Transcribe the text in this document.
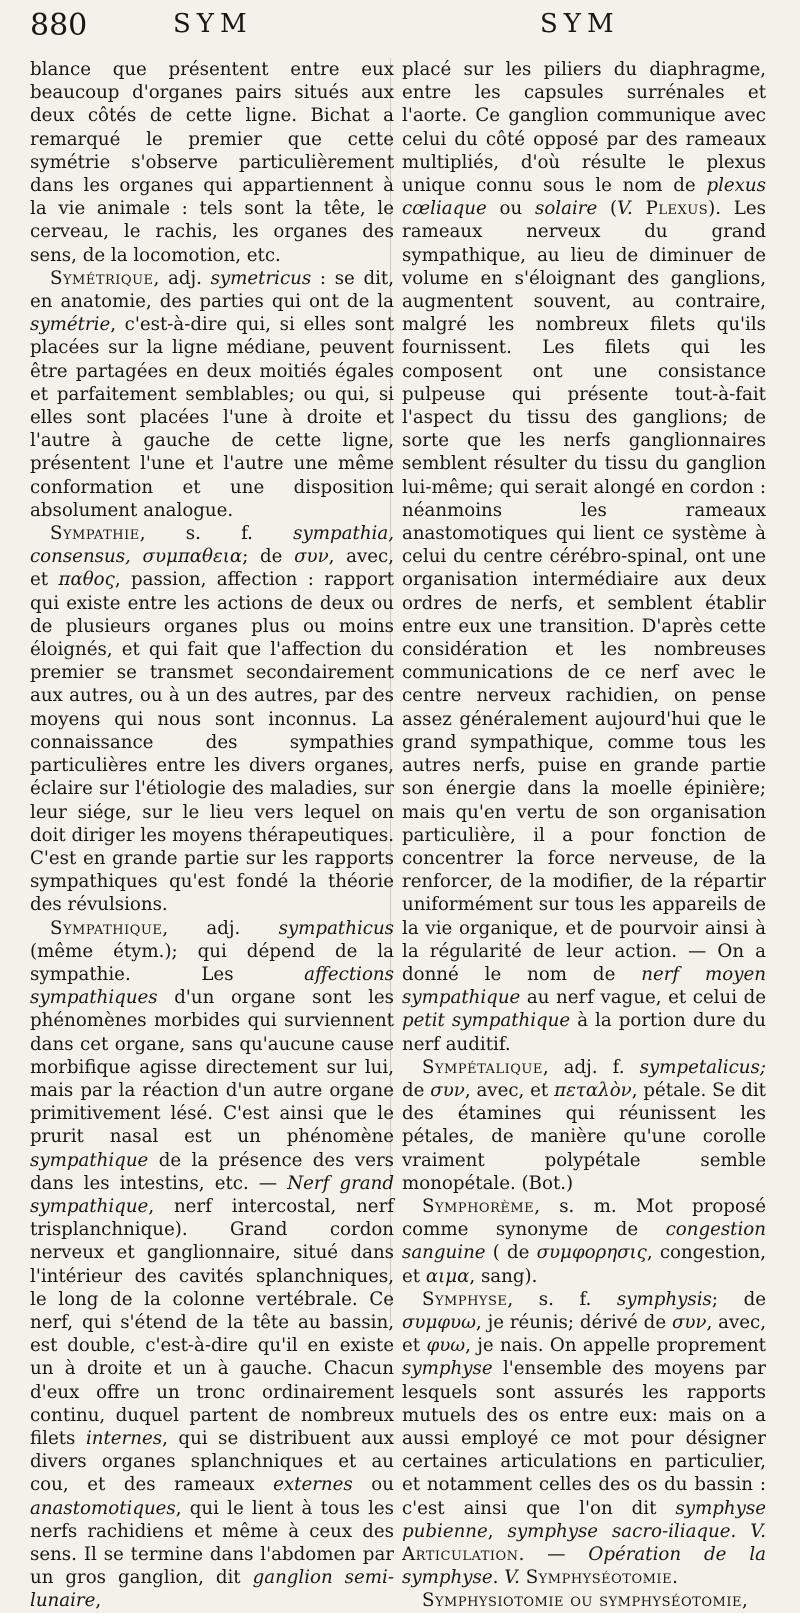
880	SYM	SYM

blance que présentent entre eux beaucoup d'organes pairs situés aux deux côtés de cette ligne. Bichat a remarqué le premier que cette symétrie s'observe particulièrement dans les organes qui appartiennent à la vie animale : tels sont la tête, le cerveau, le rachis, les organes des sens, de la locomotion, etc.

Symétrique, adj. symetricus : se dit, en anatomie, des parties qui ont de la symétrie, c'est-à-dire qui, si elles sont placées sur la ligne médiane, peuvent être partagées en deux moitiés égales et parfaitement semblables; ou qui, si elles sont placées l'une à droite et l'autre à gauche de cette ligne, présentent l'une et l'autre une même conformation et une disposition absolument analogue.

Sympathie, s. f. sympathia, consensus, συμπαθεια; de συν, avec, et παθος, passion, affection : rapport qui existe entre les actions de deux ou de plusieurs organes plus ou moins éloignés, et qui fait que l'affection du premier se transmet secondairement aux autres, ou à un des autres, par des moyens qui nous sont inconnus. La connaissance des sympathies particulières entre les divers organes, éclaire sur l'étiologie des maladies, sur leur siége, sur le lieu vers lequel on doit diriger les moyens thérapeutiques. C'est en grande partie sur les rapports sympathiques qu'est fondé la théorie des révulsions.

Sympathique, adj. sympathicus (même étym.); qui dépend de la sympathie. Les	affections sympathiques d'un organe sont les phénomènes morbides qui surviennent dans cet organe, sans qu'aucune cause morbifique agisse directement sur lui, mais par la réaction d'un autre organe primitivement lésé. C'est ainsi que le prurit nasal est un phénomène sympathique de la présence des vers dans les intestins, etc. — Nerf grand sympathique, nerf intercostal, nerf trisplanchnique). Grand cordon nerveux et ganglionnaire, situé dans l'intérieur des cavités splanchniques, le long de la colonne vertébrale. Ce nerf, qui s'étend de la tête au bassin, est double, c'est-à-dire qu'il en existe un à droite et un à gauche. Chacun d'eux offre un tronc ordinairement continu, duquel partent de nombreux filets internes, qui se distribuent aux divers organes splanchniques et au cou, et des rameaux externes ou anastomotiques, qui le lient à tous les nerfs rachidiens et même à ceux des sens. Il se termine dans l'abdomen par un gros ganglion, dit ganglion semi-lunaire,

placé sur les piliers du diaphragme, entre les capsules surrénales et l'aorte. Ce ganglion communique avec celui du côté opposé par des rameaux multipliés, d'où résulte le plexus unique connu sous le nom de plexus cœliaque ou solaire (V. Plexus). Les rameaux nerveux du grand sympathique, au lieu de diminuer de volume en s'éloignant des ganglions, augmentent souvent, au contraire, malgré les nombreux filets qu'ils fournissent. Les filets qui les composent ont une consistance pulpeuse qui présente tout-à-fait l'aspect du tissu des ganglions; de sorte que les nerfs ganglionnaires semblent résulter du tissu du ganglion lui-même; qui serait alongé en cordon : néanmoins les rameaux anastomotiques qui lient ce système à celui du centre cérébro-spinal, ont une organisation intermédiaire aux deux ordres de nerfs, et semblent établir entre eux une transition. D'après cette considération et les nombreuses communications de ce nerf avec le centre nerveux rachidien, on pense assez généralement aujourd'hui que le grand sympathique, comme tous les autres nerfs, puise en grande partie son énergie dans la moelle épinière; mais qu'en vertu de son organisation particulière, il a pour fonction de concentrer la force nerveuse, de la renforcer, de la modifier, de la répartir uniformément sur tous les appareils de la vie organique, et de pourvoir ainsi à la régularité de leur action. — On a donné le nom de nerf moyen sympathique au nerf vague, et celui de petit sympathique à la portion dure du nerf auditif.

Sympétalique, adj. f. sympetalicus; de συν, avec, et πεταλὸν, pétale. Se dit des étamines qui réunissent les pétales, de manière qu'une corolle vraiment polypétale semble monopétale. (Bot.)

Symphorème, s. m. Mot proposé comme synonyme de congestion sanguine ( de συμφορησις, congestion, et αιμα, sang).

Symphyse, s. f. symphysis; de συμφυω, je réunis; dérivé de συν, avec, et φυω, je nais. On appelle proprement symphyse l'ensemble des moyens par lesquels sont assurés les rapports mutuels des os entre eux: mais on a aussi employé ce mot pour désigner certaines articulations en particulier, et notamment celles des os du bassin : c'est ainsi que l'on dit symphyse pubienne, symphyse sacro-iliaque. V. Articulation. — Opération de la symphyse. V. Symphyséotomie.

Symphysiotomie ou symphyséotomie,
